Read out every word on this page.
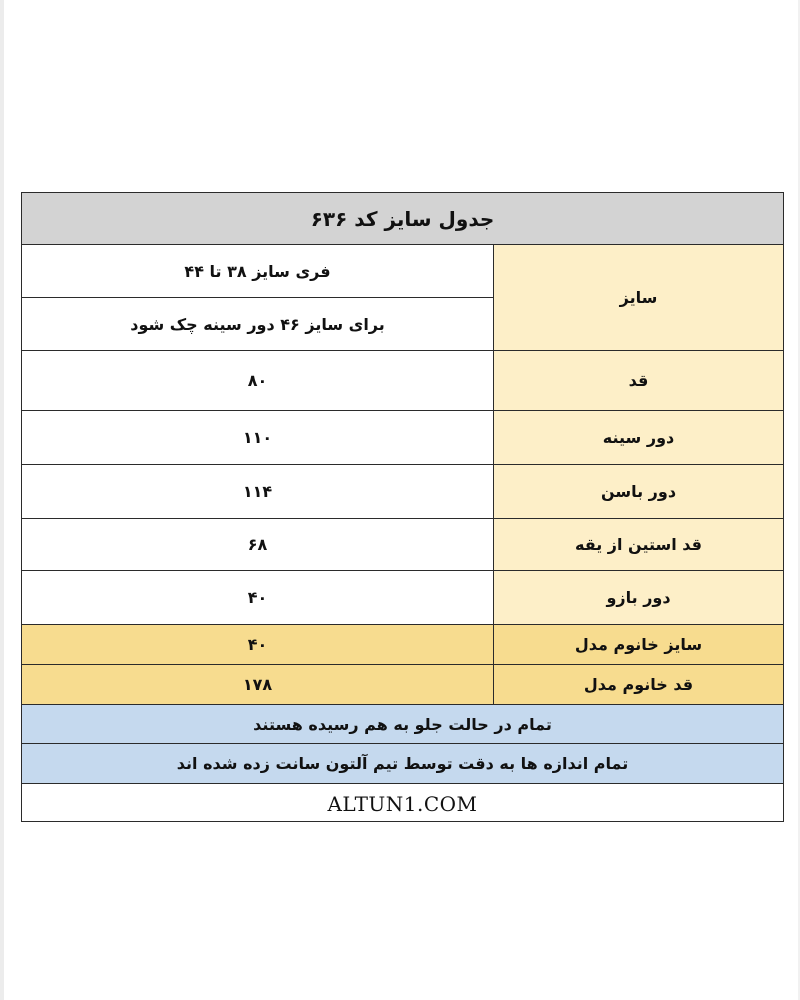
جدول سایز کد ۶۳۶
سایز
فری سایز ۳۸ تا ۴۴
برای سایز ۴۶ دور سینه چک شود
قد
۸۰
دور سینه
۱۱۰
دور باسن
۱۱۴
قد استین از یقه
۶۸
دور بازو
۴۰
سایز خانوم مدل
۴۰
قد خانوم مدل
۱۷۸
تمام در حالت جلو به هم رسیده هستند
تمام اندازه ها به دقت توسط تیم آلتون سانت زده شده اند
ALTUN1.COM
